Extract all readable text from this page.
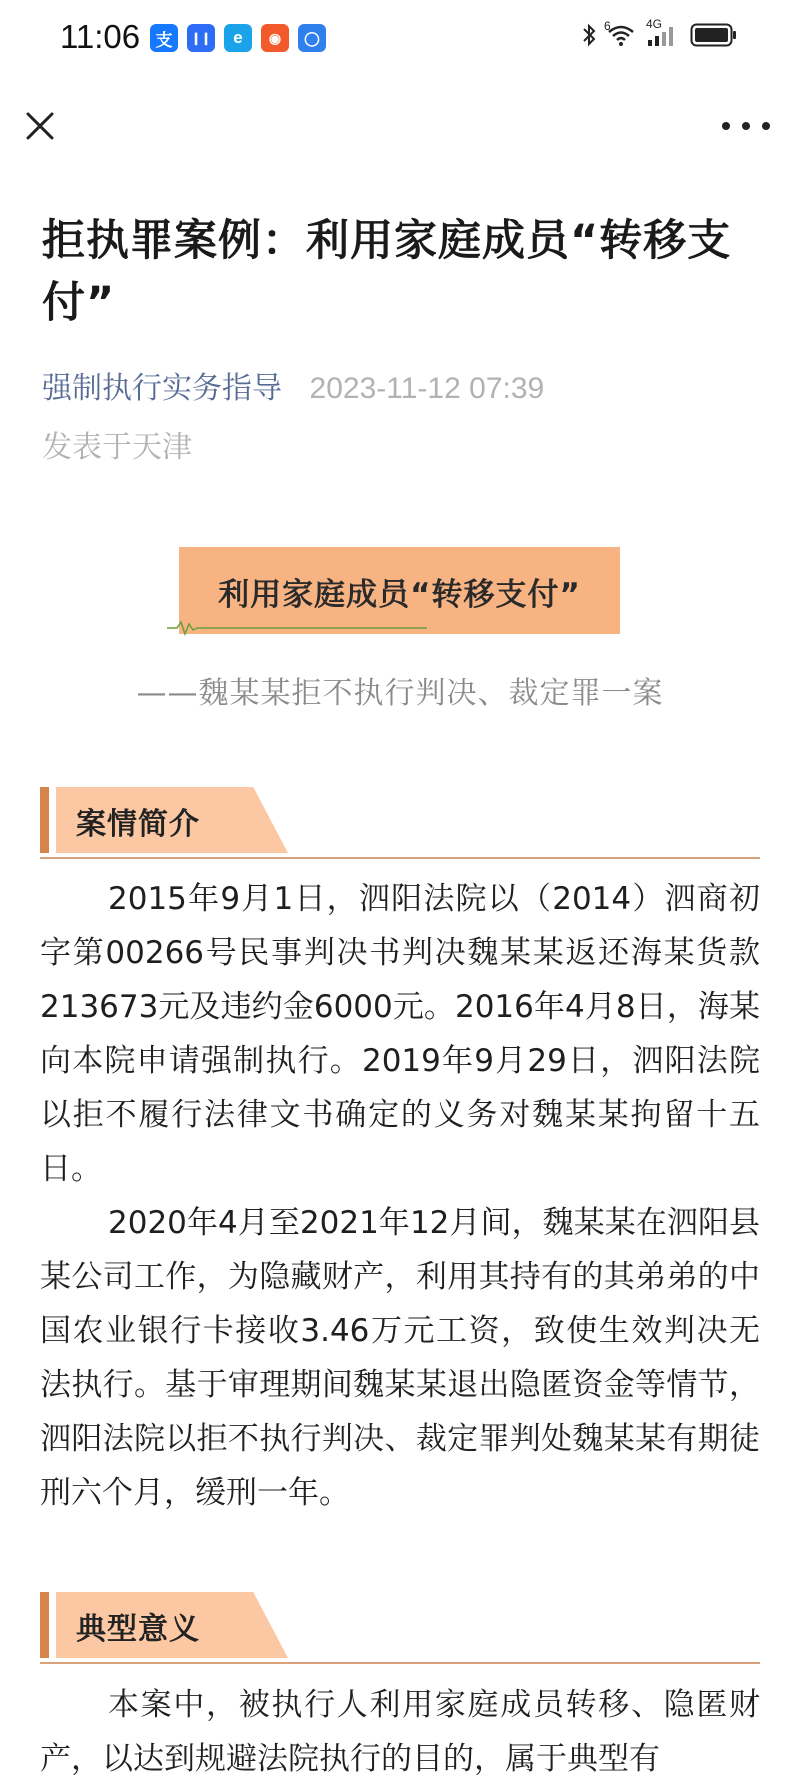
11:06 支	❙❙	e	◉	◯
6	4G
拒执罪案例：利用家庭成员“转移支付”
强制执行实务指导 2023-11-12 07:39
发表于天津
利用家庭成员“转移支付”
——魏某某拒不执行判决、裁定罪一案
案情简介
2015年9月1日，泗阳法院以（2014）泗商初字第00266号民事判决书判决魏某某返还海某货款213673元及违约金6000元。2016年4月8日，海某向本院申请强制执行。2019年9月29日，泗阳法院以拒不履行法律文书确定的义务对魏某某拘留十五日。
2020年4月至2021年12月间，魏某某在泗阳县某公司工作，为隐藏财产，利用其持有的其弟弟的中国农业银行卡接收3.46万元工资，致使生效判决无法执行。基于审理期间魏某某退出隐匿资金等情节，泗阳法院以拒不执行判决、裁定罪判处魏某某有期徒刑六个月，缓刑一年。
典型意义
本案中，被执行人利用家庭成员转移、隐匿财产，以达到规避法院执行的目的，属于典型有
